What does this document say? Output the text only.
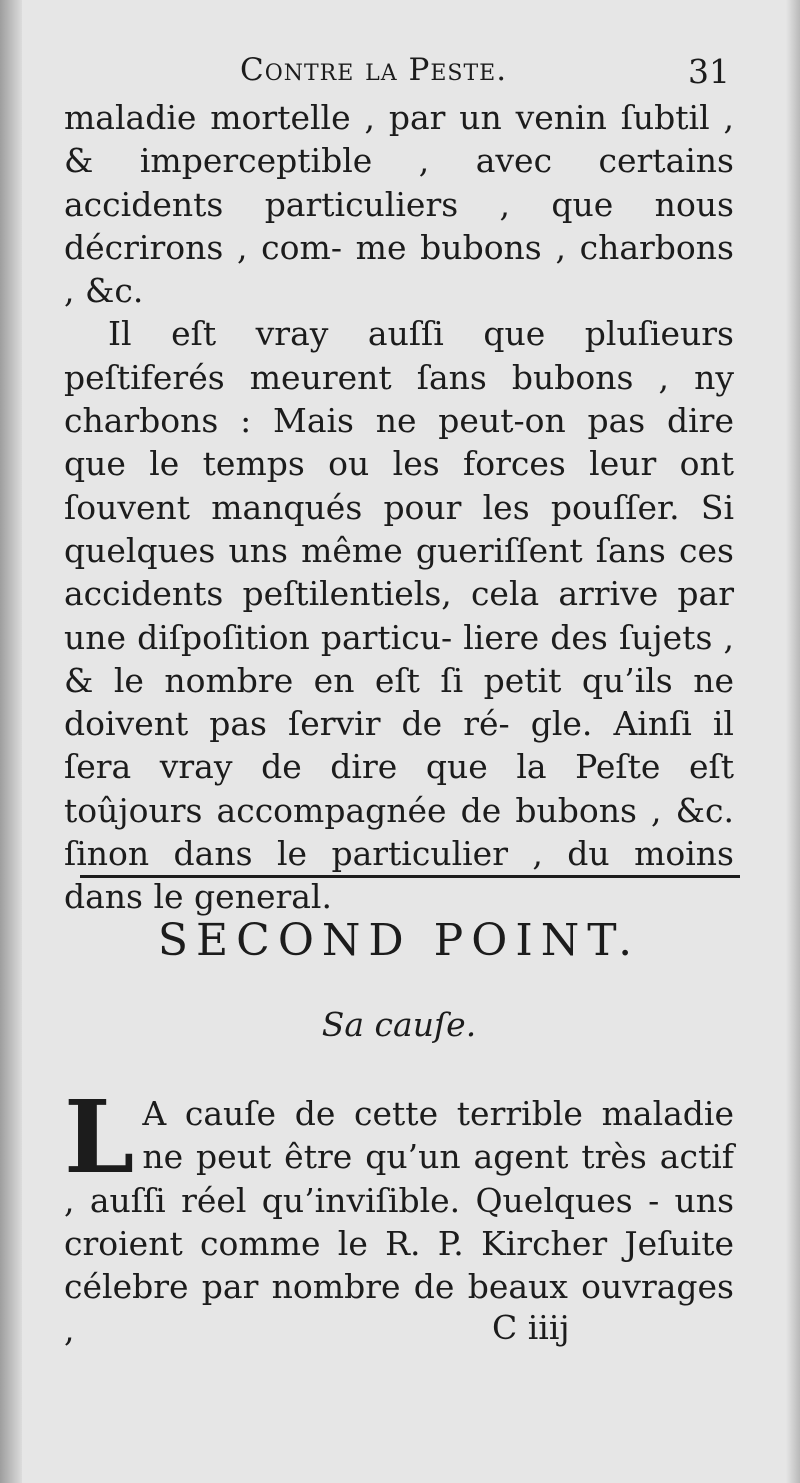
Contre la Peste.	31

maladie mortelle , par un venin ſubtil , & imperceptible , avec certains accidents particuliers , que nous décrirons , com- me bubons , charbons , &c.

Il eſt vray auſſi que pluſieurs peſtiferés meurent ſans bubons , ny charbons : Mais ne peut-on pas dire que le temps ou les forces leur ont ſouvent manqués pour les pouſſer. Si quelques uns même gueriſſent ſans ces accidents peſtilentiels, cela arrive par une diſpoſition particu- liere des ſujets , & le nombre en eſt ſi petit qu’ils ne doivent pas ſervir de ré- gle. Ainſi il ſera vray de dire que la Peſte eſt toûjours accompagnée de bubons , &c. ſinon dans le particulier , du moins dans le general.

SECOND POINT.
Sa cauſe.

L A cauſe de cette terrible maladie ne peut être qu’un agent très actif , auſſi réel qu’inviſible. Quelques - uns croient comme le R. P. Kircher Jeſuite célebre par nombre de beaux ouvrages ,	C iiij
